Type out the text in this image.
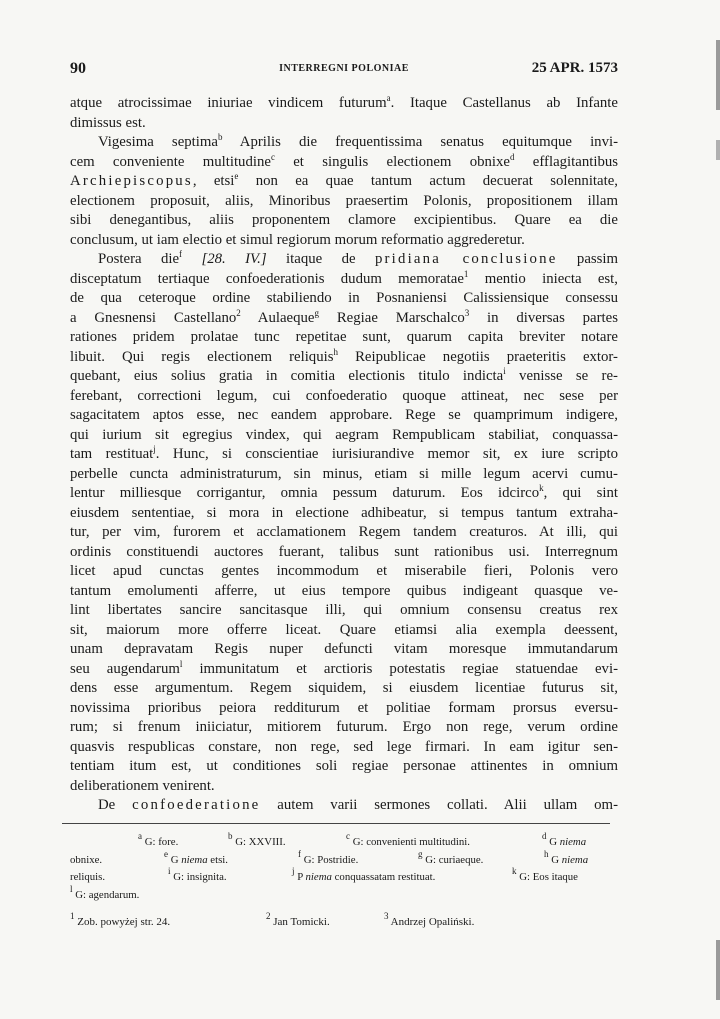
90	INTERREGNI POLONIAE	25 APR. 1573
atque atrocissimae iniuriae vindicem futurum$^a$. Itaque Castellanus ab Infante
dimissus est.
Vigesima septima$^b$ Aprilis die frequentissima senatus equitumque invi-
cem conveniente multitudine$^c$ et singulis electionem obnixe$^d$ efflagitantibus
Archiepiscopus, etsi$^e$ non ea quae tantum actum decuerat solennitate,
electionem proposuit, aliis, Minoribus praesertim Polonis, propositionem illam
sibi denegantibus, aliis proponentem clamore excipientibus. Quare ea die
conclusum, ut iam electio et simul regiorum morum reformatio aggrederetur.
Postera die$^f$ [28. IV.] itaque de pridiana conclusione passim
disceptatum tertiaque confoederationis dudum memoratae$^1$ mentio iniecta est,
de qua ceteroque ordine stabiliendo in Posnaniensi Calissiensique consessu
a Gnesnensi Castellano$^2$ Aulaeque$^g$ Regiae Marschalco$^3$ in diversas partes
rationes pridem prolatae tunc repetitae sunt, quarum capita breviter notare
libuit. Qui regis electionem reliquis$^h$ Reipublicae negotiis praeteritis extor-
quebant, eius solius gratia in comitia electionis titulo indicta$^i$ venisse se re-
ferebant, correctioni legum, cui confoederatio quoque attineat, nec sese per
sagacitatem aptos esse, nec eandem approbare. Rege se quamprimum indigere,
qui iurium sit egregius vindex, qui aegram Rempublicam stabiliat, conquassa-
tam restituat$^j$. Hunc, si conscientiae iurisiurandive memor sit, ex iure scripto
perbelle cuncta administraturum, sin minus, etiam si mille legum acervi cumu-
lentur milliesque corrigantur, omnia pessum daturum. Eos idcirco$^k$, qui sint
eiusdem sententiae, si mora in electione adhibeatur, si tempus tantum extraha-
tur, per vim, furorem et acclamationem Regem tandem creaturos. At illi, qui
ordinis constituendi auctores fuerant, talibus sunt rationibus usi. Interregnum
licet apud cunctas gentes incommodum et miserabile fieri, Polonis vero
tantum emolumenti afferre, ut eius tempore quibus indigeant quasque ve-
lint libertates sancire sancitasque illi, qui omnium consensu creatus rex
sit, maiorum more offerre liceat. Quare etiamsi alia exempla deessent,
unam depravatam Regis nuper defuncti vitam moresque immutandarum
seu augendarum$^l$ immunitatum et arctioris potestatis regiae statuendae evi-
dens esse argumentum. Regem siquidem, si eiusdem licentiae futurus sit,
novissima prioribus peiora redditurum et politiae formam prorsus eversu-
rum; si frenum iniiciatur, mitiorem futurum. Ergo non rege, verum ordine
quasvis respublicas constare, non rege, sed lege firmari. In eam igitur sen-
tentiam itum est, ut conditiones soli regiae personae attinentes in omnium
deliberationem venirent.
De confoederatione autem varii sermones collati. Alii ullam om-
$^a$ G: fore.	$^b$ G: XXVIII.	$^c$ G: convenienti multitudini.	$^d$ G niema
obnixe.	$^e$ G niema etsi.	$^f$ G: Postridie.	$^g$ G: curiaeque.	$^h$ G niema
reliquis.	$^i$ G: insignita.	$^j$ P niema conquassatam restituat.	$^k$ G: Eos itaque
$^l$ G: agendarum.
$^1$ Zob. powyżej str. 24.	$^2$ Jan Tomicki.	$^3$ Andrzej Opaliński.
